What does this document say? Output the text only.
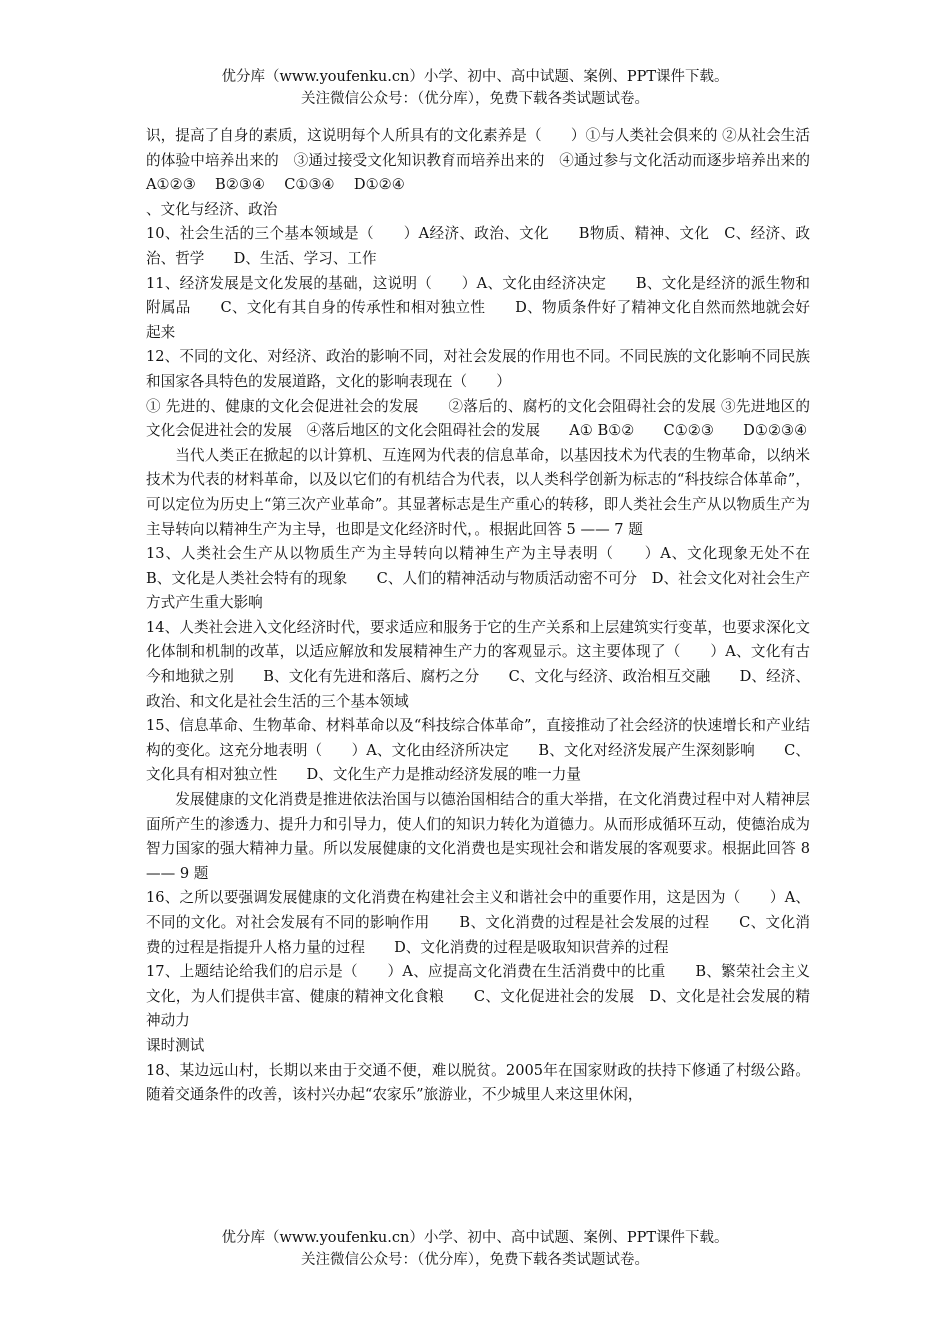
优分库（www.youfenku.cn）小学、初中、高中试题、案例、PPT课件下载。
关注微信公众号：（优分库），免费下载各类试题试卷。

识，提高了自身的素质，这说明每个人所具有的文化素养是（　　）①与人类社会俱来的 ②从社会生活的体验中培养出来的　③通过接受文化知识教育而培养出来的　④通过参与文化活动而逐步培养出来的　　A①②③　 B②③④　 C①③④　 D①②④

、文化与经济、政治

10、社会生活的三个基本领域是（　　）A经济、政治、文化　　B物质、精神、文化　C、经济、政治、哲学　　D、生活、学习、工作

11、经济发展是文化发展的基础，这说明（　　）A、文化由经济决定　　B、文化是经济的派生物和附属品　　C、文化有其自身的传承性和相对独立性　　D、物质条件好了精神文化自然而然地就会好起来

12、不同的文化、对经济、政治的影响不同，对社会发展的作用也不同。不同民族的文化影响不同民族和国家各具特色的发展道路，文化的影响表现在（　　）

① 先进的、健康的文化会促进社会的发展　　②落后的、腐朽的文化会阻碍社会的发展 ③先进地区的文化会促进社会的发展　④落后地区的文化会阻碍社会的发展　　A① B①②　　C①②③　　D①②③④

当代人类正在掀起的以计算机、互连网为代表的信息革命，以基因技术为代表的生物革命，以纳米技术为代表的材料革命，以及以它们的有机结合为代表，以人类科学创新为标志的“科技综合体革命”，可以定位为历史上“第三次产业革命”。其显著标志是生产重心的转移，即人类社会生产从以物质生产为主导转向以精神生产为主导，也即是文化经济时代，。根据此回答 5 —— 7 题

13、人类社会生产从以物质生产为主导转向以精神生产为主导表明（　　）A、文化现象无处不在　　B、文化是人类社会特有的现象　　C、人们的精神活动与物质活动密不可分　D、社会文化对社会生产方式产生重大影响

14、人类社会进入文化经济时代，要求适应和服务于它的生产关系和上层建筑实行变革，也要求深化文化体制和机制的改革，以适应解放和发展精神生产力的客观显示。这主要体现了（　　）A、文化有古今和地狱之别　　B、文化有先进和落后、腐朽之分　　C、文化与经济、政治相互交融　　D、经济、政治、和文化是社会生活的三个基本领域

15、信息革命、生物革命、材料革命以及“科技综合体革命”，直接推动了社会经济的快速增长和产业结构的变化。这充分地表明（　　）A、文化由经济所决定　　B、文化对经济发展产生深刻影响　　C、文化具有相对独立性　　D、文化生产力是推动经济发展的唯一力量

发展健康的文化消费是推进依法治国与以德治国相结合的重大举措，在文化消费过程中对人精神层面所产生的渗透力、提升力和引导力，使人们的知识力转化为道德力。从而形成循环互动，使德治成为智力国家的强大精神力量。所以发展健康的文化消费也是实现社会和谐发展的客观要求。根据此回答 8 —— 9 题

16、之所以要强调发展健康的文化消费在构建社会主义和谐社会中的重要作用，这是因为（　　）A、不同的文化。对社会发展有不同的影响作用　　B、文化消费的过程是社会发展的过程　　C、文化消费的过程是指提升人格力量的过程　　D、文化消费的过程是吸取知识营养的过程

17、上题结论给我们的启示是（　　）A、应提高文化消费在生活消费中的比重　　B、繁荣社会主义文化，为人们提供丰富、健康的精神文化食粮　　C、文化促进社会的发展　D、文化是社会发展的精神动力

课时测试

18、某边远山村，长期以来由于交通不便，难以脱贫。2005年在国家财政的扶持下修通了村级公路。随着交通条件的改善，该村兴办起“农家乐”旅游业，不少城里人来这里休闲，

优分库（www.youfenku.cn）小学、初中、高中试题、案例、PPT课件下载。
关注微信公众号：（优分库），免费下载各类试题试卷。
